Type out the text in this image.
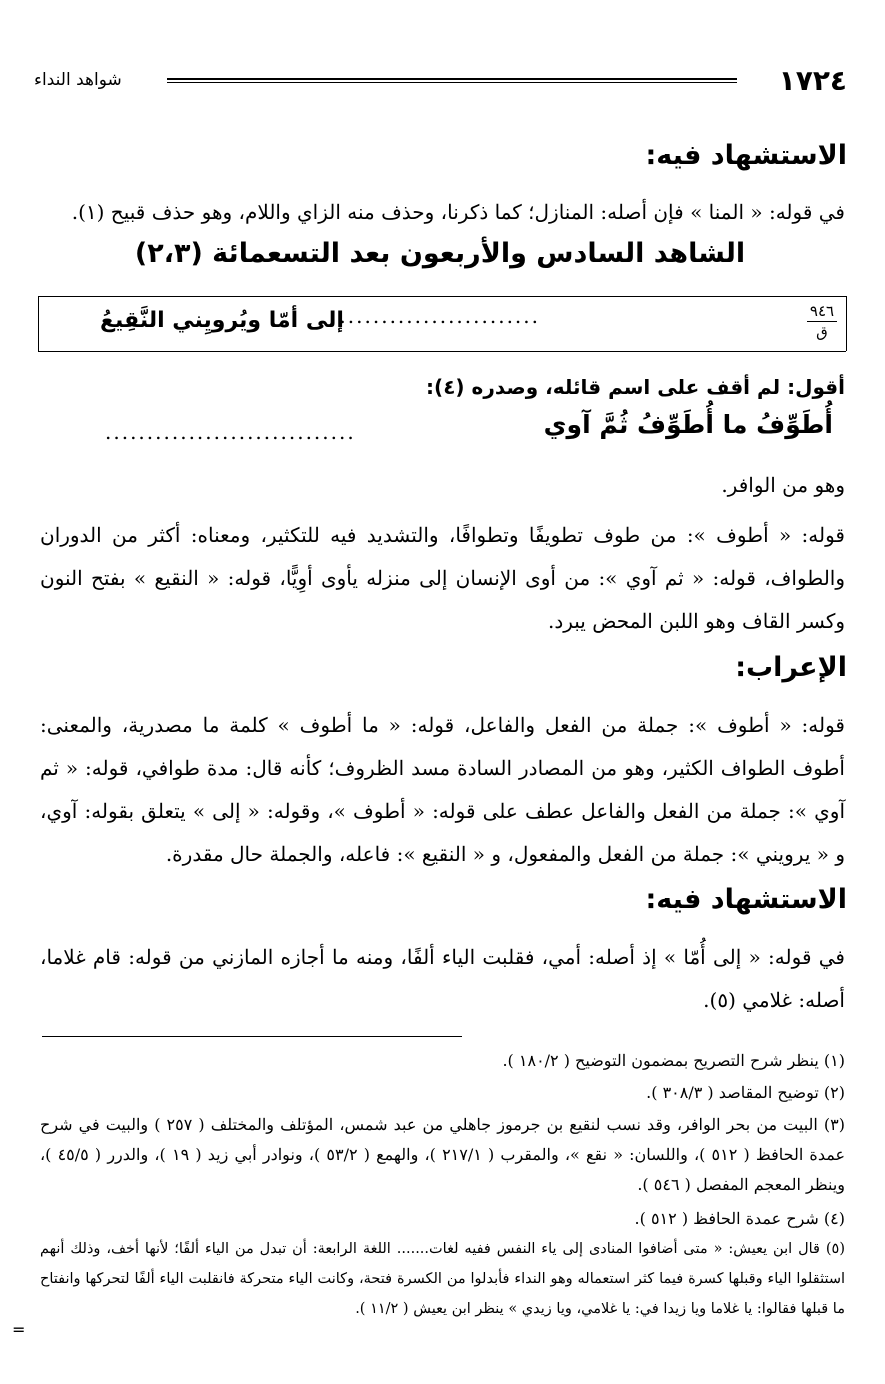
١٧٢٤
شواهد النداء
الاستشهاد فيه:
في قوله: « المنا » فإن أصله: المنازل؛ كما ذكرنا، وحذف منه الزاي واللام، وهو حذف قبيح (١).
الشاهد السادس والأربعون بعد التسعمائة (٢،٣)
٩٤٦
ق
........................
إلى أمّا ويُرويِني النَّقِيعُ
أقول: لم أقف على اسم قائله، وصدره (٤):
أُطَوِّفُ ما أُطَوِّفُ ثُمَّ آوي
..............................
وهو من الوافر.
قوله: « أطوف »: من طوف تطويفًا وتطوافًا، والتشديد فيه للتكثير، ومعناه: أكثر من الدوران والطواف، قوله: « ثم آوي »: من أوى الإنسان إلى منزله يأوى أوِيًّا، قوله: « النقيع » بفتح النون وكسر القاف وهو اللبن المحض يبرد.
الإعراب:
قوله: « أطوف »: جملة من الفعل والفاعل، قوله: « ما أطوف » كلمة ما مصدرية، والمعنى: أطوف الطواف الكثير، وهو من المصادر السادة مسد الظروف؛ كأنه قال: مدة طوافي، قوله: « ثم آوي »: جملة من الفعل والفاعل عطف على قوله: « أطوف »، وقوله: « إلى » يتعلق بقوله: آوي، و « يرويني »: جملة من الفعل والمفعول، و « النقيع »: فاعله، والجملة حال مقدرة.
الاستشهاد فيه:
في قوله: « إلى أُمّا » إذ أصله: أمي، فقلبت الياء ألفًا، ومنه ما أجازه المازني من قوله: قام غلاما، أصله: غلامي (٥).
(١) ينظر شرح التصريح بمضمون التوضيح ( ١٨٠/٢ ).
(٢) توضيح المقاصد ( ٣٠٨/٣ ).
(٣) البيت من بحر الوافر، وقد نسب لنقيع بن جرموز جاهلي من عبد شمس، المؤتلف والمختلف ( ٢٥٧ ) والبيت في شرح عمدة الحافظ ( ٥١٢ )، واللسان: « نقع »، والمقرب ( ٢١٧/١ )، والهمع ( ٥٣/٢ )، ونوادر أبي زيد ( ١٩ )، والدرر ( ٤٥/٥ )، وينظر المعجم المفصل ( ٥٤٦ ).
(٤) شرح عمدة الحافظ ( ٥١٢ ).
(٥) قال ابن يعيش: « متى أضافوا المنادى إلى ياء النفس ففيه لغات....... اللغة الرابعة: أن تبدل من الياء ألفًا؛ لأنها أخف، وذلك أنهم استثقلوا الياء وقبلها كسرة فيما كثر استعماله وهو النداء فأبدلوا من الكسرة فتحة، وكانت الياء متحركة فانقلبت الياء ألفًا لتحركها وانفتاح ما قبلها فقالوا: يا غلاما ويا زيدا في: يا غلامي، ويا زيدي » ينظر ابن يعيش ( ١١/٢ ).
=
